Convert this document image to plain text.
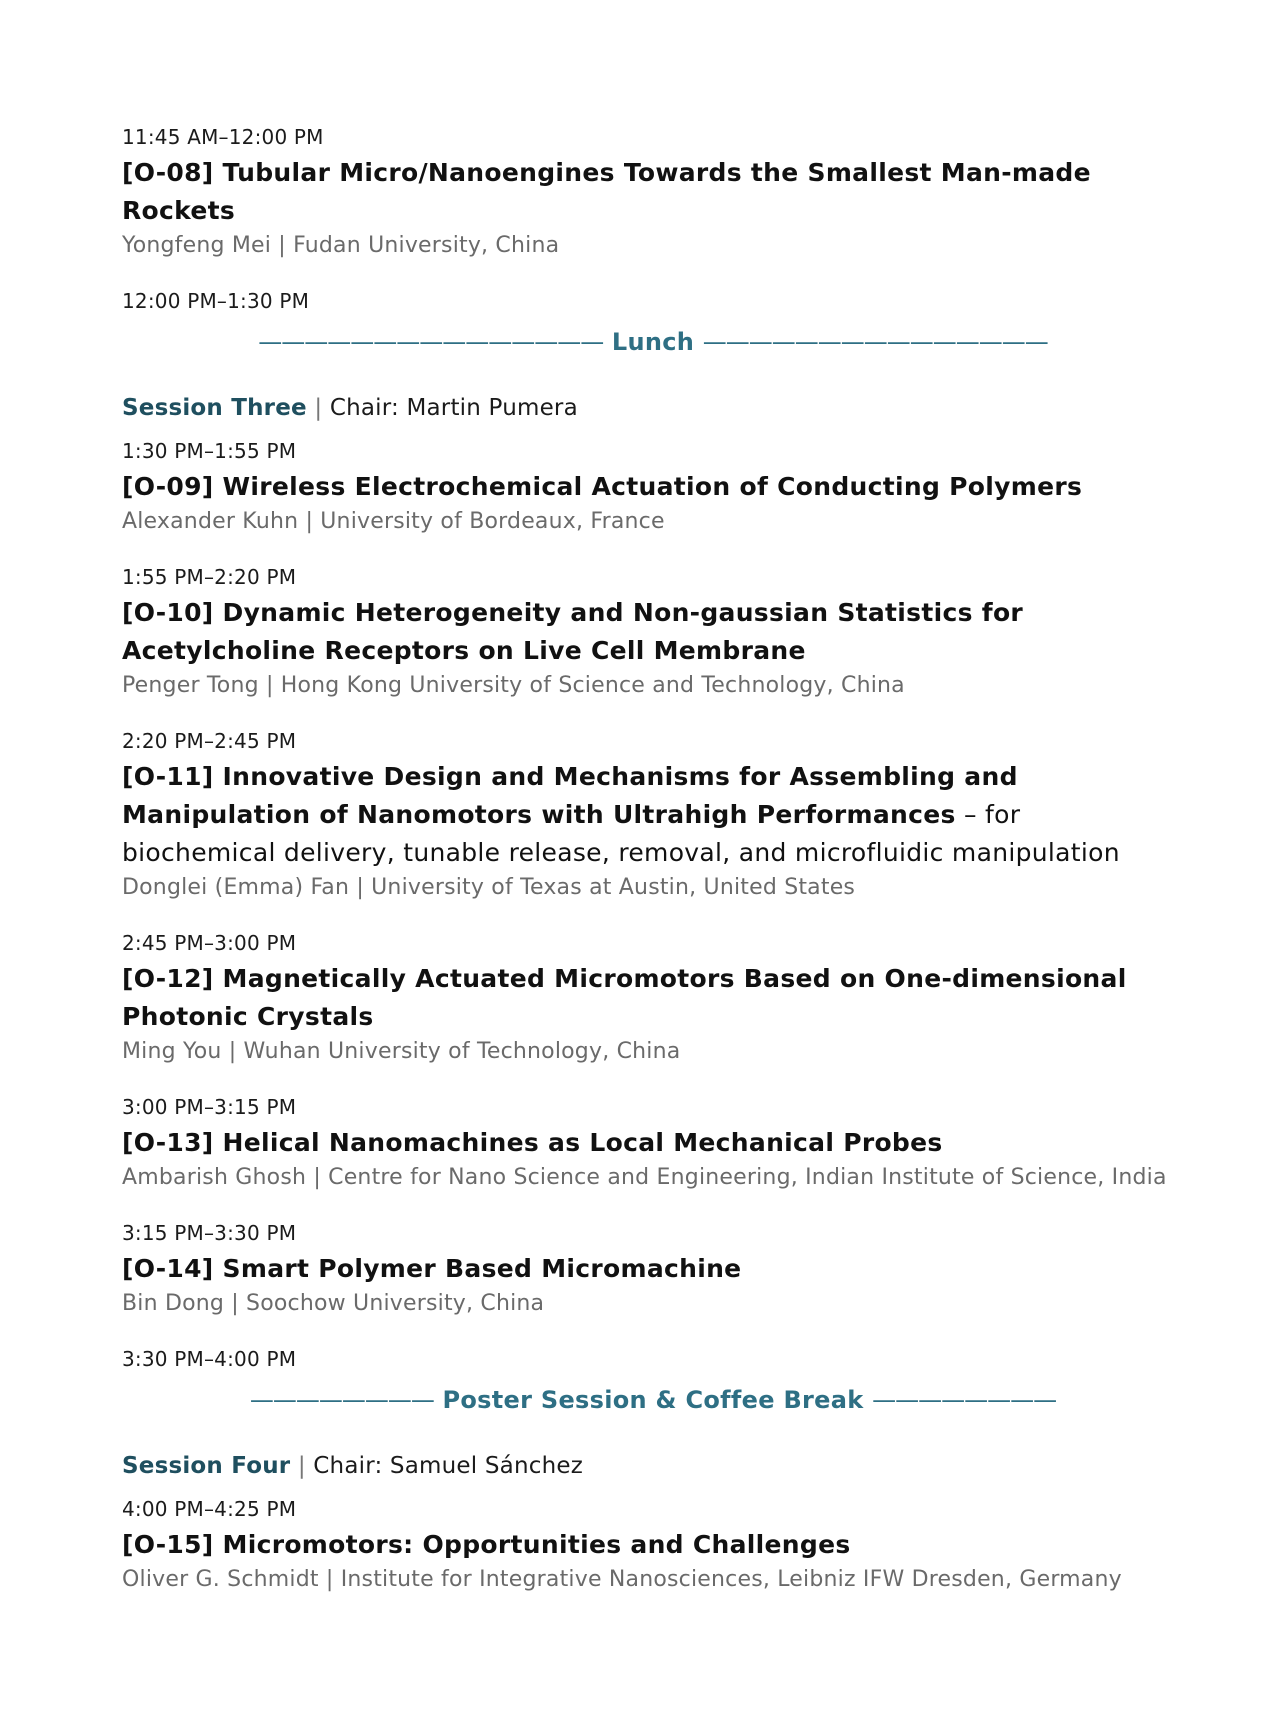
11:45 AM–12:00 PM
[O-08] Tubular Micro/Nanoengines Towards the Smallest Man-made Rockets
Yongfeng Mei | Fudan University, China
12:00 PM–1:30 PM
——————————————— Lunch ———————————————
Session Three | Chair: Martin Pumera
1:30 PM–1:55 PM
[O-09] Wireless Electrochemical Actuation of Conducting Polymers
Alexander Kuhn | University of Bordeaux, France
1:55 PM–2:20 PM
[O-10] Dynamic Heterogeneity and Non-gaussian Statistics for Acetylcholine Receptors on Live Cell Membrane
Penger Tong | Hong Kong University of Science and Technology, China
2:20 PM–2:45 PM
[O-11] Innovative Design and Mechanisms for Assembling and Manipulation of Nanomotors with Ultrahigh Performances – for biochemical delivery, tunable release, removal, and microfluidic manipulation
Donglei (Emma) Fan | University of Texas at Austin, United States
2:45 PM–3:00 PM
[O-12] Magnetically Actuated Micromotors Based on One-dimensional Photonic Crystals
Ming You | Wuhan University of Technology, China
3:00 PM–3:15 PM
[O-13] Helical Nanomachines as Local Mechanical Probes
Ambarish Ghosh | Centre for Nano Science and Engineering, Indian Institute of Science, India
3:15 PM–3:30 PM
[O-14] Smart Polymer Based Micromachine
Bin Dong | Soochow University, China
3:30 PM–4:00 PM
———————— Poster Session & Coffee Break ————————
Session Four | Chair: Samuel Sánchez
4:00 PM–4:25 PM
[O-15] Micromotors: Opportunities and Challenges
Oliver G. Schmidt | Institute for Integrative Nanosciences, Leibniz IFW Dresden, Germany
